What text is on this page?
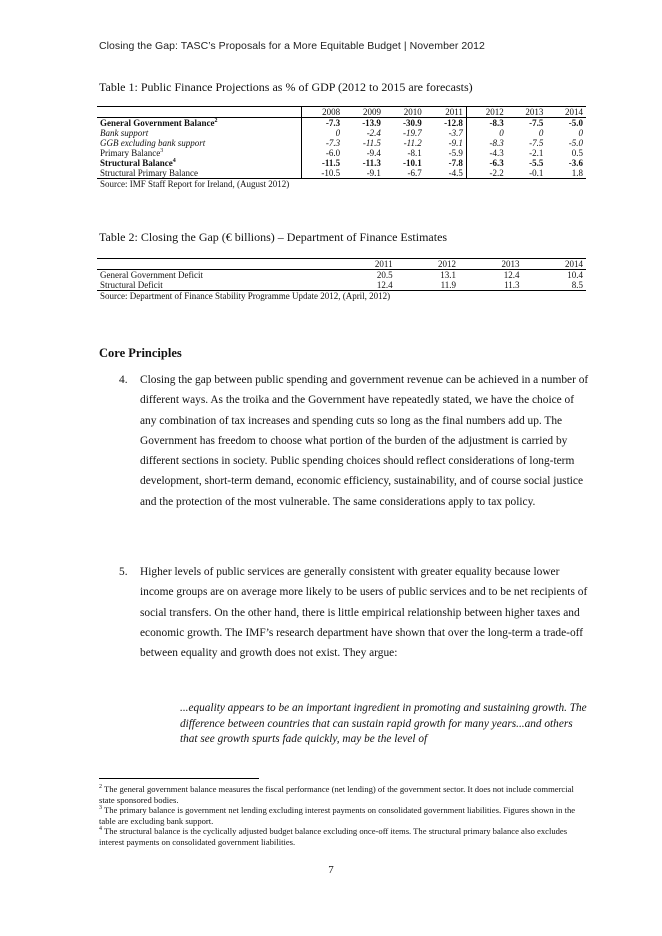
Closing the Gap: TASC’s Proposals for a More Equitable Budget | November 2012
Table 1: Public Finance Projections as % of GDP (2012 to 2015 are forecasts)
	2008	2009	2010	2011	2012	2013	2014
General Government Balance$^2$	-7.3	-13.9	-30.9	-12.8	-8.3	-7.5	-5.0
Bank support	0	-2.4	-19.7	-3.7	0	0	0
GGB excluding bank support	-7.3	-11.5	-11.2	-9.1	-8.3	-7.5	-5.0
Primary Balance$^3$	-6.0	-9.4	-8.1	-5.9	-4.3	-2.1	0.5
Structural Balance$^4$	-11.5	-11.3	-10.1	-7.8	-6.3	-5.5	-3.6
Structural Primary Balance	-10.5	-9.1	-6.7	-4.5	-2.2	-0.1	1.8
Source: IMF Staff Report for Ireland, (August 2012)							
Table 2: Closing the Gap (€ billions) – Department of Finance Estimates
	2011	2012	2013	2014
General Government Deficit	20.5	13.1	12.4	10.4
Structural Deficit	12.4	11.9	11.3	8.5
Source: Department of Finance Stability Programme Update 2012, (April, 2012)				
Core Principles
4. Closing the gap between public spending and government revenue can be achieved in a number of different ways. As the troika and the Government have repeatedly stated, we have the choice of any combination of tax increases and spending cuts so long as the final numbers add up. The Government has freedom to choose what portion of the burden of the adjustment is carried by different sections in society. Public spending choices should reflect considerations of long-term development, short-term demand, economic efficiency, sustainability, and of course social justice and the protection of the most vulnerable. The same considerations apply to tax policy.
5. Higher levels of public services are generally consistent with greater equality because lower income groups are on average more likely to be users of public services and to be net recipients of social transfers. On the other hand, there is little empirical relationship between higher taxes and economic growth. The IMF’s research department have shown that over the long-term a trade-off between equality and growth does not exist. They argue:
...equality appears to be an important ingredient in promoting and sustaining growth. The difference between countries that can sustain rapid growth for many years...and others that see growth spurts fade quickly, may be the level of

$^2$ The general government balance measures the fiscal performance (net lending) of the government sector. It does not include commercial state sponsored bodies.

$^3$ The primary balance is government net lending excluding interest payments on consolidated government liabilities. Figures shown in the table are excluding bank support.

$^4$ The structural balance is the cyclically adjusted budget balance excluding once-off items. The structural primary balance also excludes interest payments on consolidated government liabilities.

7
